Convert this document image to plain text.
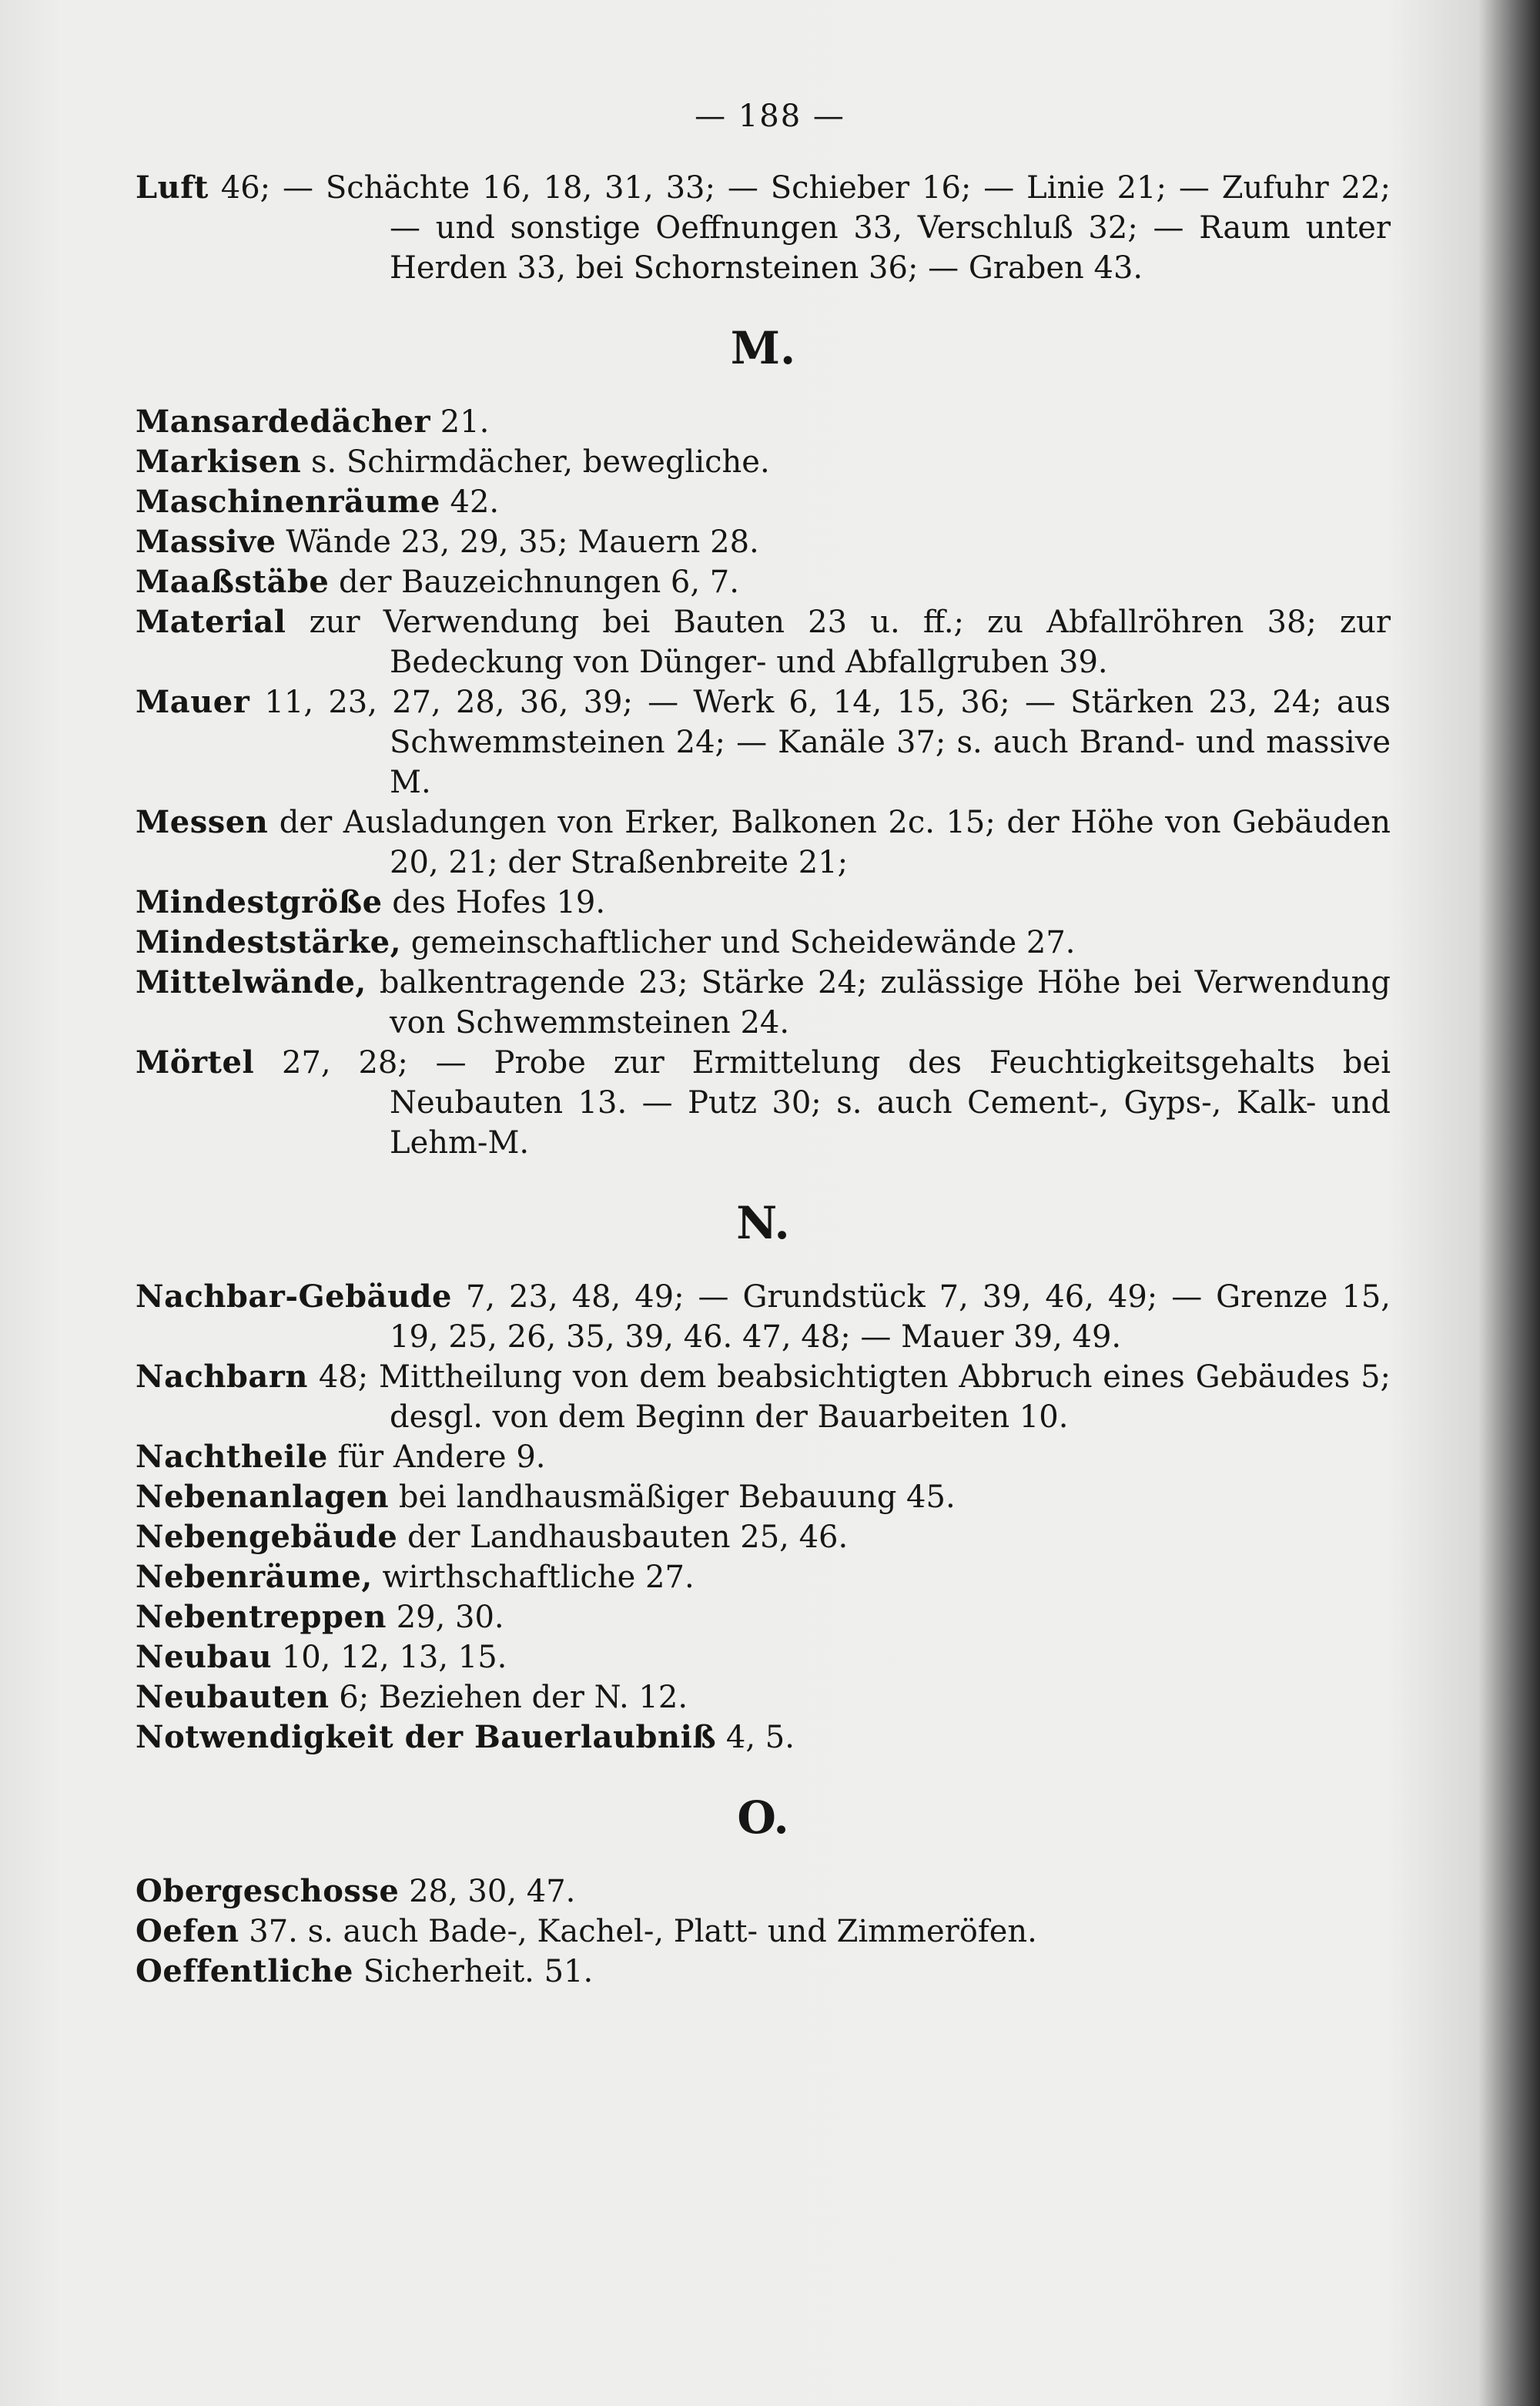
— 188 —

Luft 46; — Schächte 16, 18, 31, 33; — Schieber 16; — Linie 21; — Zufuhr 22; — und sonstige Oeffnungen 33, Verschluß 32; — Raum unter Herden 33, bei Schornsteinen 36; — Graben 43.

M.

Mansardedächer 21.

Markisen s. Schirmdächer, bewegliche.

Maschinenräume 42.

Massive Wände 23, 29, 35; Mauern 28.

Maaßstäbe der Bauzeichnungen 6, 7.

Material zur Verwendung bei Bauten 23 u. ff.; zu Abfallröhren 38; zur Bedeckung von Dünger- und Abfallgruben 39.

Mauer 11, 23, 27, 28, 36, 39; — Werk 6, 14, 15, 36; — Stärken 23, 24; aus Schwemmsteinen 24; — Kanäle 37; s. auch Brand- und massive M.

Messen der Ausladungen von Erker, Balkonen 2c. 15; der Höhe von Gebäuden 20, 21; der Straßenbreite 21;

Mindestgröße des Hofes 19.

Mindeststärke, gemeinschaftlicher und Scheidewände 27.

Mittelwände, balkentragende 23; Stärke 24; zulässige Höhe bei Verwendung von Schwemmsteinen 24.

Mörtel 27, 28; — Probe zur Ermittelung des Feuchtigkeitsgehalts bei Neubauten 13. — Putz 30; s. auch Cement-, Gyps-, Kalk- und Lehm-M.

N.

Nachbar-Gebäude 7, 23, 48, 49; — Grundstück 7, 39, 46, 49; — Grenze 15, 19, 25, 26, 35, 39, 46. 47, 48; — Mauer 39, 49.

Nachbarn 48; Mittheilung von dem beabsichtigten Abbruch eines Gebäudes 5; desgl. von dem Beginn der Bauarbeiten 10.

Nachtheile für Andere 9.

Nebenanlagen bei landhausmäßiger Bebauung 45.

Nebengebäude der Landhausbauten 25, 46.

Nebenräume, wirthschaftliche 27.

Nebentreppen 29, 30.

Neubau 10, 12, 13, 15.

Neubauten 6; Beziehen der N. 12.

Notwendigkeit der Bauerlaubniß 4, 5.

O.

Obergeschosse 28, 30, 47.

Oefen 37. s. auch Bade-, Kachel-, Platt- und Zimmeröfen.

Oeffentliche Sicherheit. 51.
